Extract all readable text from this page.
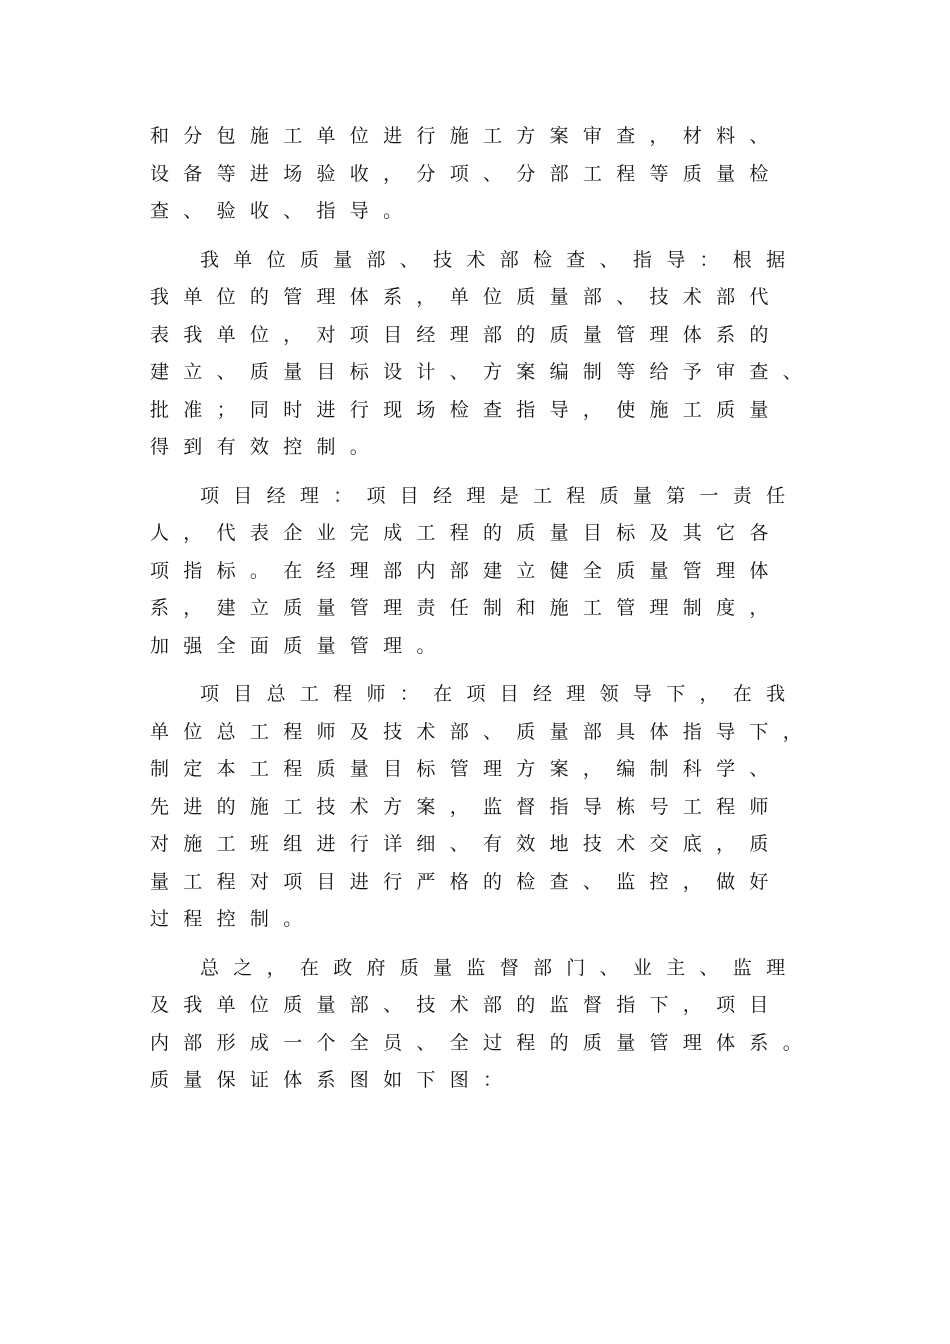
和分包施工单位进行施工方案审查，材料、
设备等进场验收，分项、分部工程等质量检
查、验收、指导。
我单位质量部、技术部检查、指导：根据
我单位的管理体系，单位质量部、技术部代
表我单位，对项目经理部的质量管理体系的
建立、质量目标设计、方案编制等给予审查、
批准；同时进行现场检查指导，使施工质量
得到有效控制。
项目经理：项目经理是工程质量第一责任
人，代表企业完成工程的质量目标及其它各
项指标。在经理部内部建立健全质量管理体
系，建立质量管理责任制和施工管理制度，
加强全面质量管理。
项目总工程师：在项目经理领导下，在我
单位总工程师及技术部、质量部具体指导下，
制定本工程质量目标管理方案，编制科学、
先进的施工技术方案，监督指导栋号工程师
对施工班组进行详细、有效地技术交底，质
量工程对项目进行严格的检查、监控，做好
过程控制。
总之，在政府质量监督部门、业主、监理
及我单位质量部、技术部的监督指下，项目
内部形成一个全员、全过程的质量管理体系。
质量保证体系图如下图：
